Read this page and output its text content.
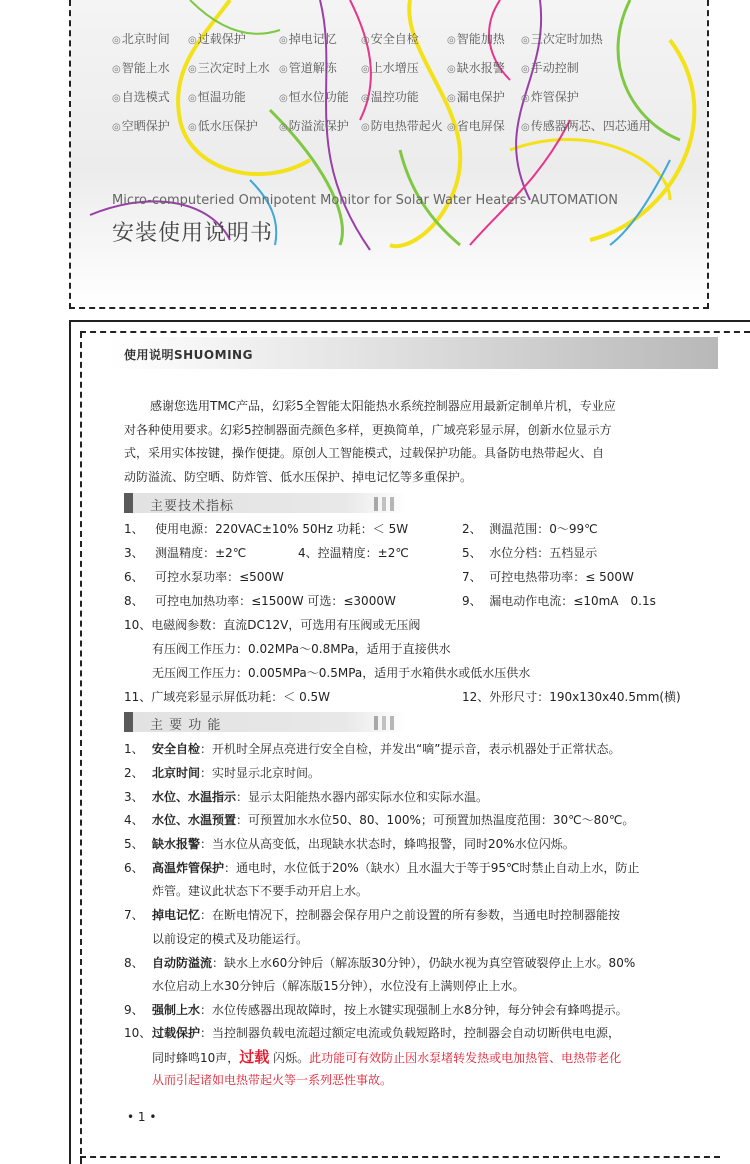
◎北京时间 ◎过载保护	◎掉电记忆 ◎安全自检	◎智能加热 ◎三次定时加热
◎智能上水 ◎三次定时上水 ◎管道解冻 ◎上水增压	◎缺水报警 ◎手动控制
◎自选模式 ◎恒温功能	◎恒水位功能 ◎温控功能	◎漏电保护 ◎炸管保护
◎空晒保护 ◎低水压保护 ◎防溢流保护 ◎防电热带起火 ◎省电屏保 ◎传感器两芯、四芯通用
Micro-computeried Omnipotent Monitor for Solar Water Heaters AUTOMATION
安装使用说明书
使用说明SHUOMING
感谢您选用TMC产品，幻彩5全智能太阳能热水系统控制器应用最新定制单片机，专业应
对各种使用要求。幻彩5控制器面壳颜色多样，更换简单，广域亮彩显示屏，创新水位显示方
式，采用实体按键，操作便捷。原创人工智能模式，过载保护功能。具备防电热带起火、自
动防溢流、防空晒、防炸管、低水压保护、掉电记忆等多重保护。
主要技术指标
1、 使用电源：220VAC±10% 50Hz 功耗：＜ 5W	2、 测温范围：0～99℃
3、 测温精度：±2℃	4、控温精度：±2℃	5、 水位分档：五档显示
6、 可控水泵功率：≤500W	7、 可控电热带功率：≤ 500W
8、 可控电加热功率：≤1500W 可选：≤3000W	9、 漏电动作电流：≤10mA　0.1s
10、电磁阀参数：直流DC12V，可选用有压阀或无压阀
有压阀工作压力：0.02MPa～0.8MPa，适用于直接供水
无压阀工作压力：0.005MPa～0.5MPa，适用于水箱供水或低水压供水
11、广域亮彩显示屏低功耗：＜ 0.5W	12、外形尺寸：190x130x40.5mm(横)
主 要 功 能
1、 安全自检：开机时全屏点亮进行安全自检，并发出“嘀”提示音，表示机器处于正常状态。
2、 北京时间：实时显示北京时间。
3、 水位、水温指示：显示太阳能热水器内部实际水位和实际水温。
4、 水位、水温预置：可预置加水水位50、80、100%；可预置加热温度范围：30℃～80℃。
5、 缺水报警：当水位从高变低，出现缺水状态时，蜂鸣报警，同时20%水位闪烁。
6、 高温炸管保护：通电时，水位低于20%（缺水）且水温大于等于95℃时禁止自动上水，防止
炸管。建议此状态下不要手动开启上水。
7、 掉电记忆：在断电情况下，控制器会保存用户之前设置的所有参数，当通电时控制器能按
以前设定的模式及功能运行。
8、 自动防溢流：缺水上水60分钟后（解冻版30分钟），仍缺水视为真空管破裂停止上水。80%
水位启动上水30分钟后（解冻版15分钟），水位没有上满则停止上水。
9、 强制上水：水位传感器出现故障时，按上水键实现强制上水8分钟，每分钟会有蜂鸣提示。
10、 过载保护：当控制器负载电流超过额定电流或负载短路时，控制器会自动切断供电电源，
同时蜂鸣10声，过载 闪烁。此功能可有效防止因水泵堵转发热或电加热管、电热带老化
从而引起诸如电热带起火等一系列恶性事故。
• 1 •
